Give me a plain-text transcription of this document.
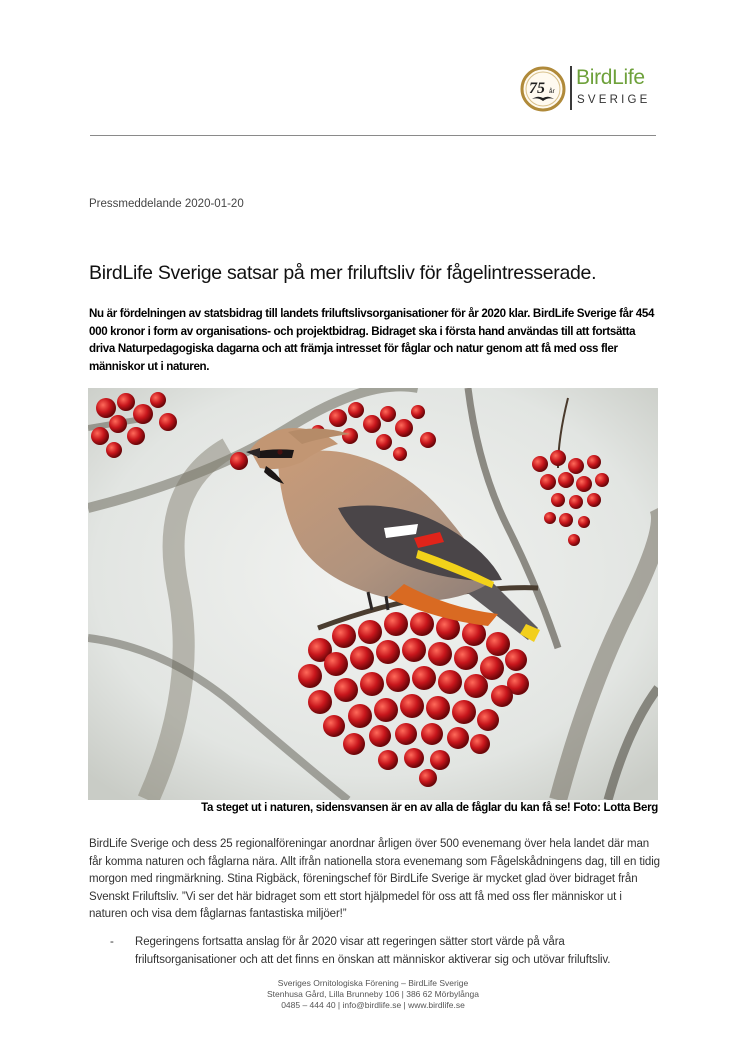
75 år
BirdLife
SVERIGE
Pressmeddelande 2020-01-20
BirdLife Sverige satsar på mer friluftsliv för fågelintresserade.

Nu är fördelningen av statsbidrag till landets friluftslivsorganisationer för år 2020 klar. BirdLife Sverige får 454 000 kronor i form av organisations- och projektbidrag. Bidraget ska i första hand användas till att fortsätta driva Naturpedagogiska dagarna och att främja intresset för fåglar och natur genom att få med oss fler människor ut i naturen.

Ta steget ut i naturen, sidensvansen är en av alla de fåglar du kan få se! Foto: Lotta Berg

BirdLife Sverige och dess 25 regionalföreningar anordnar årligen över 500 evenemang över hela landet där man får komma naturen och fåglarna nära. Allt ifrån nationella stora evenemang som Fågelskådningens dag, till en tidig morgon med ringmärkning. Stina Rigbäck, föreningschef för BirdLife Sverige är mycket glad över bidraget från Svenskt Friluftsliv. ”Vi ser det här bidraget som ett stort hjälpmedel för oss att få med oss fler människor ut i naturen och visa dem fåglarnas fantastiska miljöer!”

- Regeringens fortsatta anslag för år 2020 visar att regeringen sätter stort värde på våra friluftsorganisationer och att det finns en önskan att människor aktiverar sig och utövar friluftsliv.
Sveriges Ornitologiska Förening – BirdLife Sverige
Stenhusa Gård, Lilla Brunneby 106 | 386 62 Mörbylånga
0485 – 444 40 | info@birdlife.se | www.birdlife.se
